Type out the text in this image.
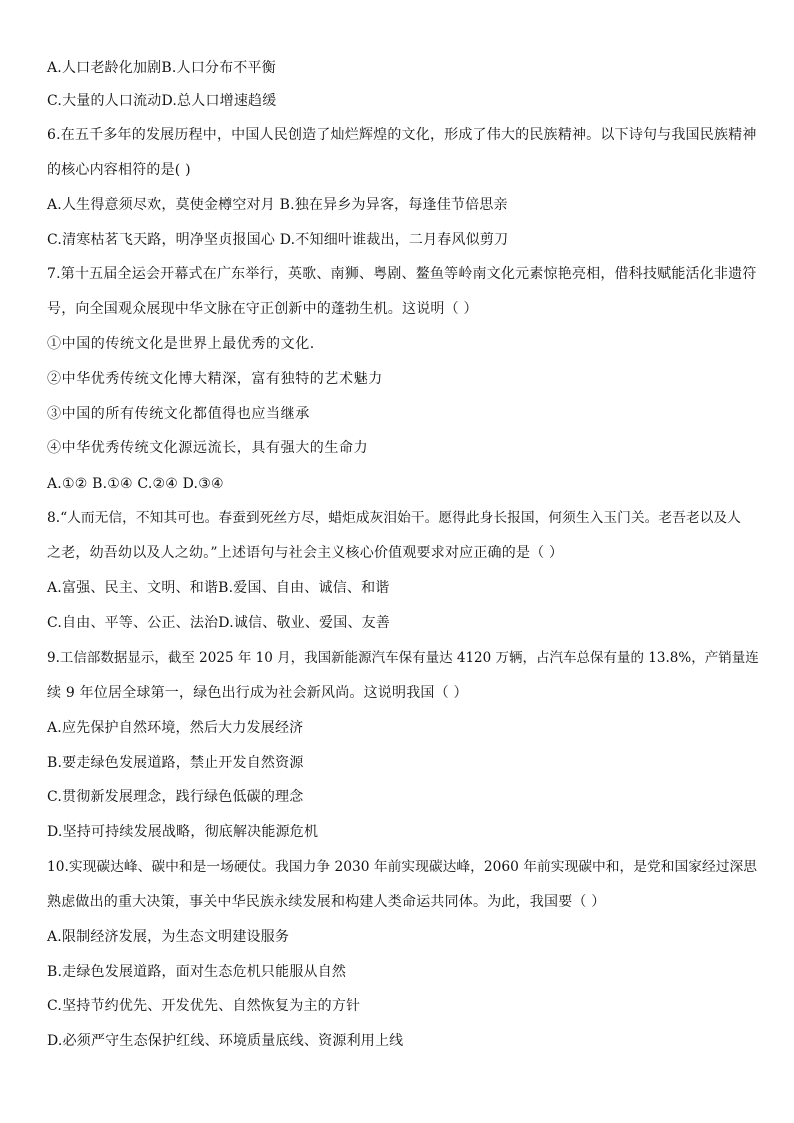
A.人口老龄化加剧B.人口分布不平衡
C.大量的人口流动D.总人口增速趋缓
6.在五千多年的发展历程中，中国人民创造了灿烂辉煌的文化，形成了伟大的民族精神。以下诗句与我国民族精神
的核心内容相符的是( )
A.人生得意须尽欢，莫使金樽空对月 B.独在异乡为异客，每逢佳节倍思亲
C.清寒枯茗飞天路，明净坚贞报国心 D.不知细叶谁裁出，二月春风似剪刀
7.第十五届全运会开幕式在广东举行，英歌、南狮、粤剧、鳌鱼等岭南文化元素惊艳亮相，借科技赋能活化非遗符
号，向全国观众展现中华文脉在守正创新中的蓬勃生机。这说明（ ）
①中国的传统文化是世界上最优秀的文化.
②中华优秀传统文化博大精深，富有独特的艺术魅力
③中国的所有传统文化都值得也应当继承
④中华优秀传统文化源远流长，具有强大的生命力
A.①② B.①④ C.②④ D.③④
8.“人而无信，不知其可也。春蚕到死丝方尽，蜡炬成灰泪始干。愿得此身长报国，何须生入玉门关。老吾老以及人
之老，幼吾幼以及人之幼。”上述语句与社会主义核心价值观要求对应正确的是（ ）
A.富强、民主、文明、和谐B.爱国、自由、诚信、和谐
C.自由、平等、公正、法治D.诚信、敬业、爱国、友善
9.工信部数据显示，截至 2025 年 10 月，我国新能源汽车保有量达 4120 万辆，占汽车总保有量的 13.8%，产销量连
续 9 年位居全球第一，绿色出行成为社会新风尚。这说明我国（ ）
A.应先保护自然环境，然后大力发展经济
B.要走绿色发展道路，禁止开发自然资源
C.贯彻新发展理念，践行绿色低碳的理念
D.坚持可持续发展战略，彻底解决能源危机
10.实现碳达峰、碳中和是一场硬仗。我国力争 2030 年前实现碳达峰，2060 年前实现碳中和，是党和国家经过深思
熟虑做出的重大决策，事关中华民族永续发展和构建人类命运共同体。为此，我国要（ ）
A.限制经济发展，为生态文明建设服务
B.走绿色发展道路，面对生态危机只能服从自然
C.坚持节约优先、开发优先、自然恢复为主的方针
D.必须严守生态保护红线、环境质量底线、资源利用上线
